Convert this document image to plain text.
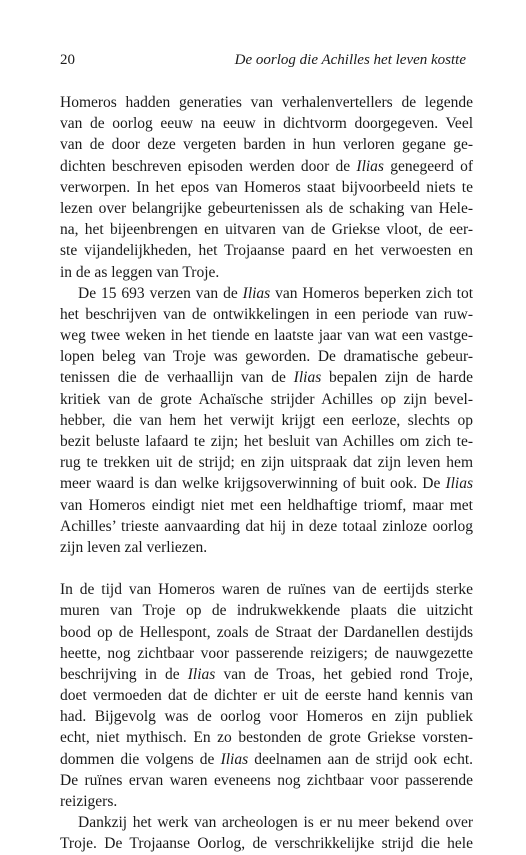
20	De oorlog die Achilles het leven kostte
Homeros hadden generaties van verhalenvertellers de legende
van de oorlog eeuw na eeuw in dichtvorm doorgegeven. Veel
van de door deze vergeten barden in hun verloren gegane ge-
dichten beschreven episoden werden door de Ilias genegeerd of
verworpen. In het epos van Homeros staat bijvoorbeeld niets te
lezen over belangrijke gebeurtenissen als de schaking van Hele-
na, het bijeenbrengen en uitvaren van de Griekse vloot, de eer-
ste vijandelijkheden, het Trojaanse paard en het verwoesten en
in de as leggen van Troje.
De 15 693 verzen van de Ilias van Homeros beperken zich tot
het beschrijven van de ontwikkelingen in een periode van ruw-
weg twee weken in het tiende en laatste jaar van wat een vastge-
lopen beleg van Troje was geworden. De dramatische gebeur-
tenissen die de verhaallijn van de Ilias bepalen zijn de harde
kritiek van de grote Achaïsche strijder Achilles op zijn bevel-
hebber, die van hem het verwijt krijgt een eerloze, slechts op
bezit beluste lafaard te zijn; het besluit van Achilles om zich te-
rug te trekken uit de strijd; en zijn uitspraak dat zijn leven hem
meer waard is dan welke krijgsoverwinning of buit ook. De Ilias
van Homeros eindigt niet met een heldhaftige triomf, maar met
Achilles’ trieste aanvaarding dat hij in deze totaal zinloze oorlog
zijn leven zal verliezen.
In de tijd van Homeros waren de ruïnes van de eertijds sterke
muren van Troje op de indrukwekkende plaats die uitzicht
bood op de Hellespont, zoals de Straat der Dardanellen destijds
heette, nog zichtbaar voor passerende reizigers; de nauwgezette
beschrijving in de Ilias van de Troas, het gebied rond Troje,
doet vermoeden dat de dichter er uit de eerste hand kennis van
had. Bijgevolg was de oorlog voor Homeros en zijn publiek
echt, niet mythisch. En zo bestonden de grote Griekse vorsten-
dommen die volgens de Ilias deelnamen aan de strijd ook echt.
De ruïnes ervan waren eveneens nog zichtbaar voor passerende
reizigers.
Dankzij het werk van archeologen is er nu meer bekend over
Troje. De Trojaanse Oorlog, de verschrikkelijke strijd die hele
